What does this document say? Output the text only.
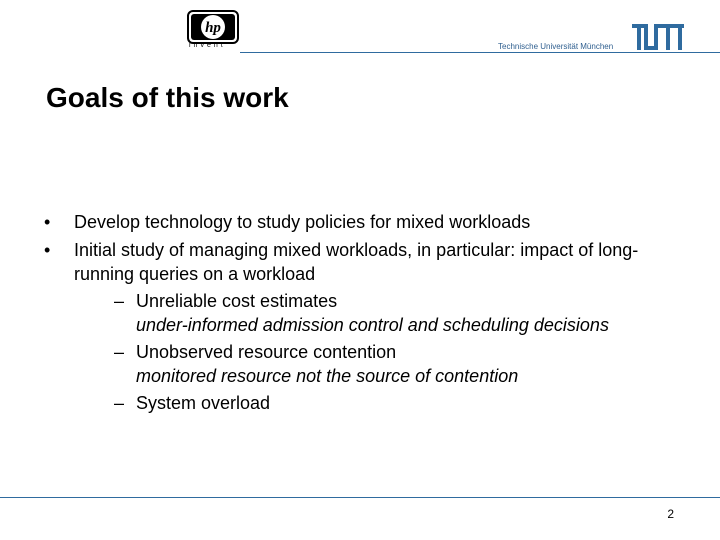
hp
invent	Technische Universität München
Goals of this work
• Develop technology to study policies for mixed workloads
• Initial study of managing mixed workloads, in particular: impact of long-running queries on a workload
– Unreliable cost estimates
under-informed admission control and scheduling decisions
– Unobserved resource contention
monitored resource not the source of contention
– System overload
2
